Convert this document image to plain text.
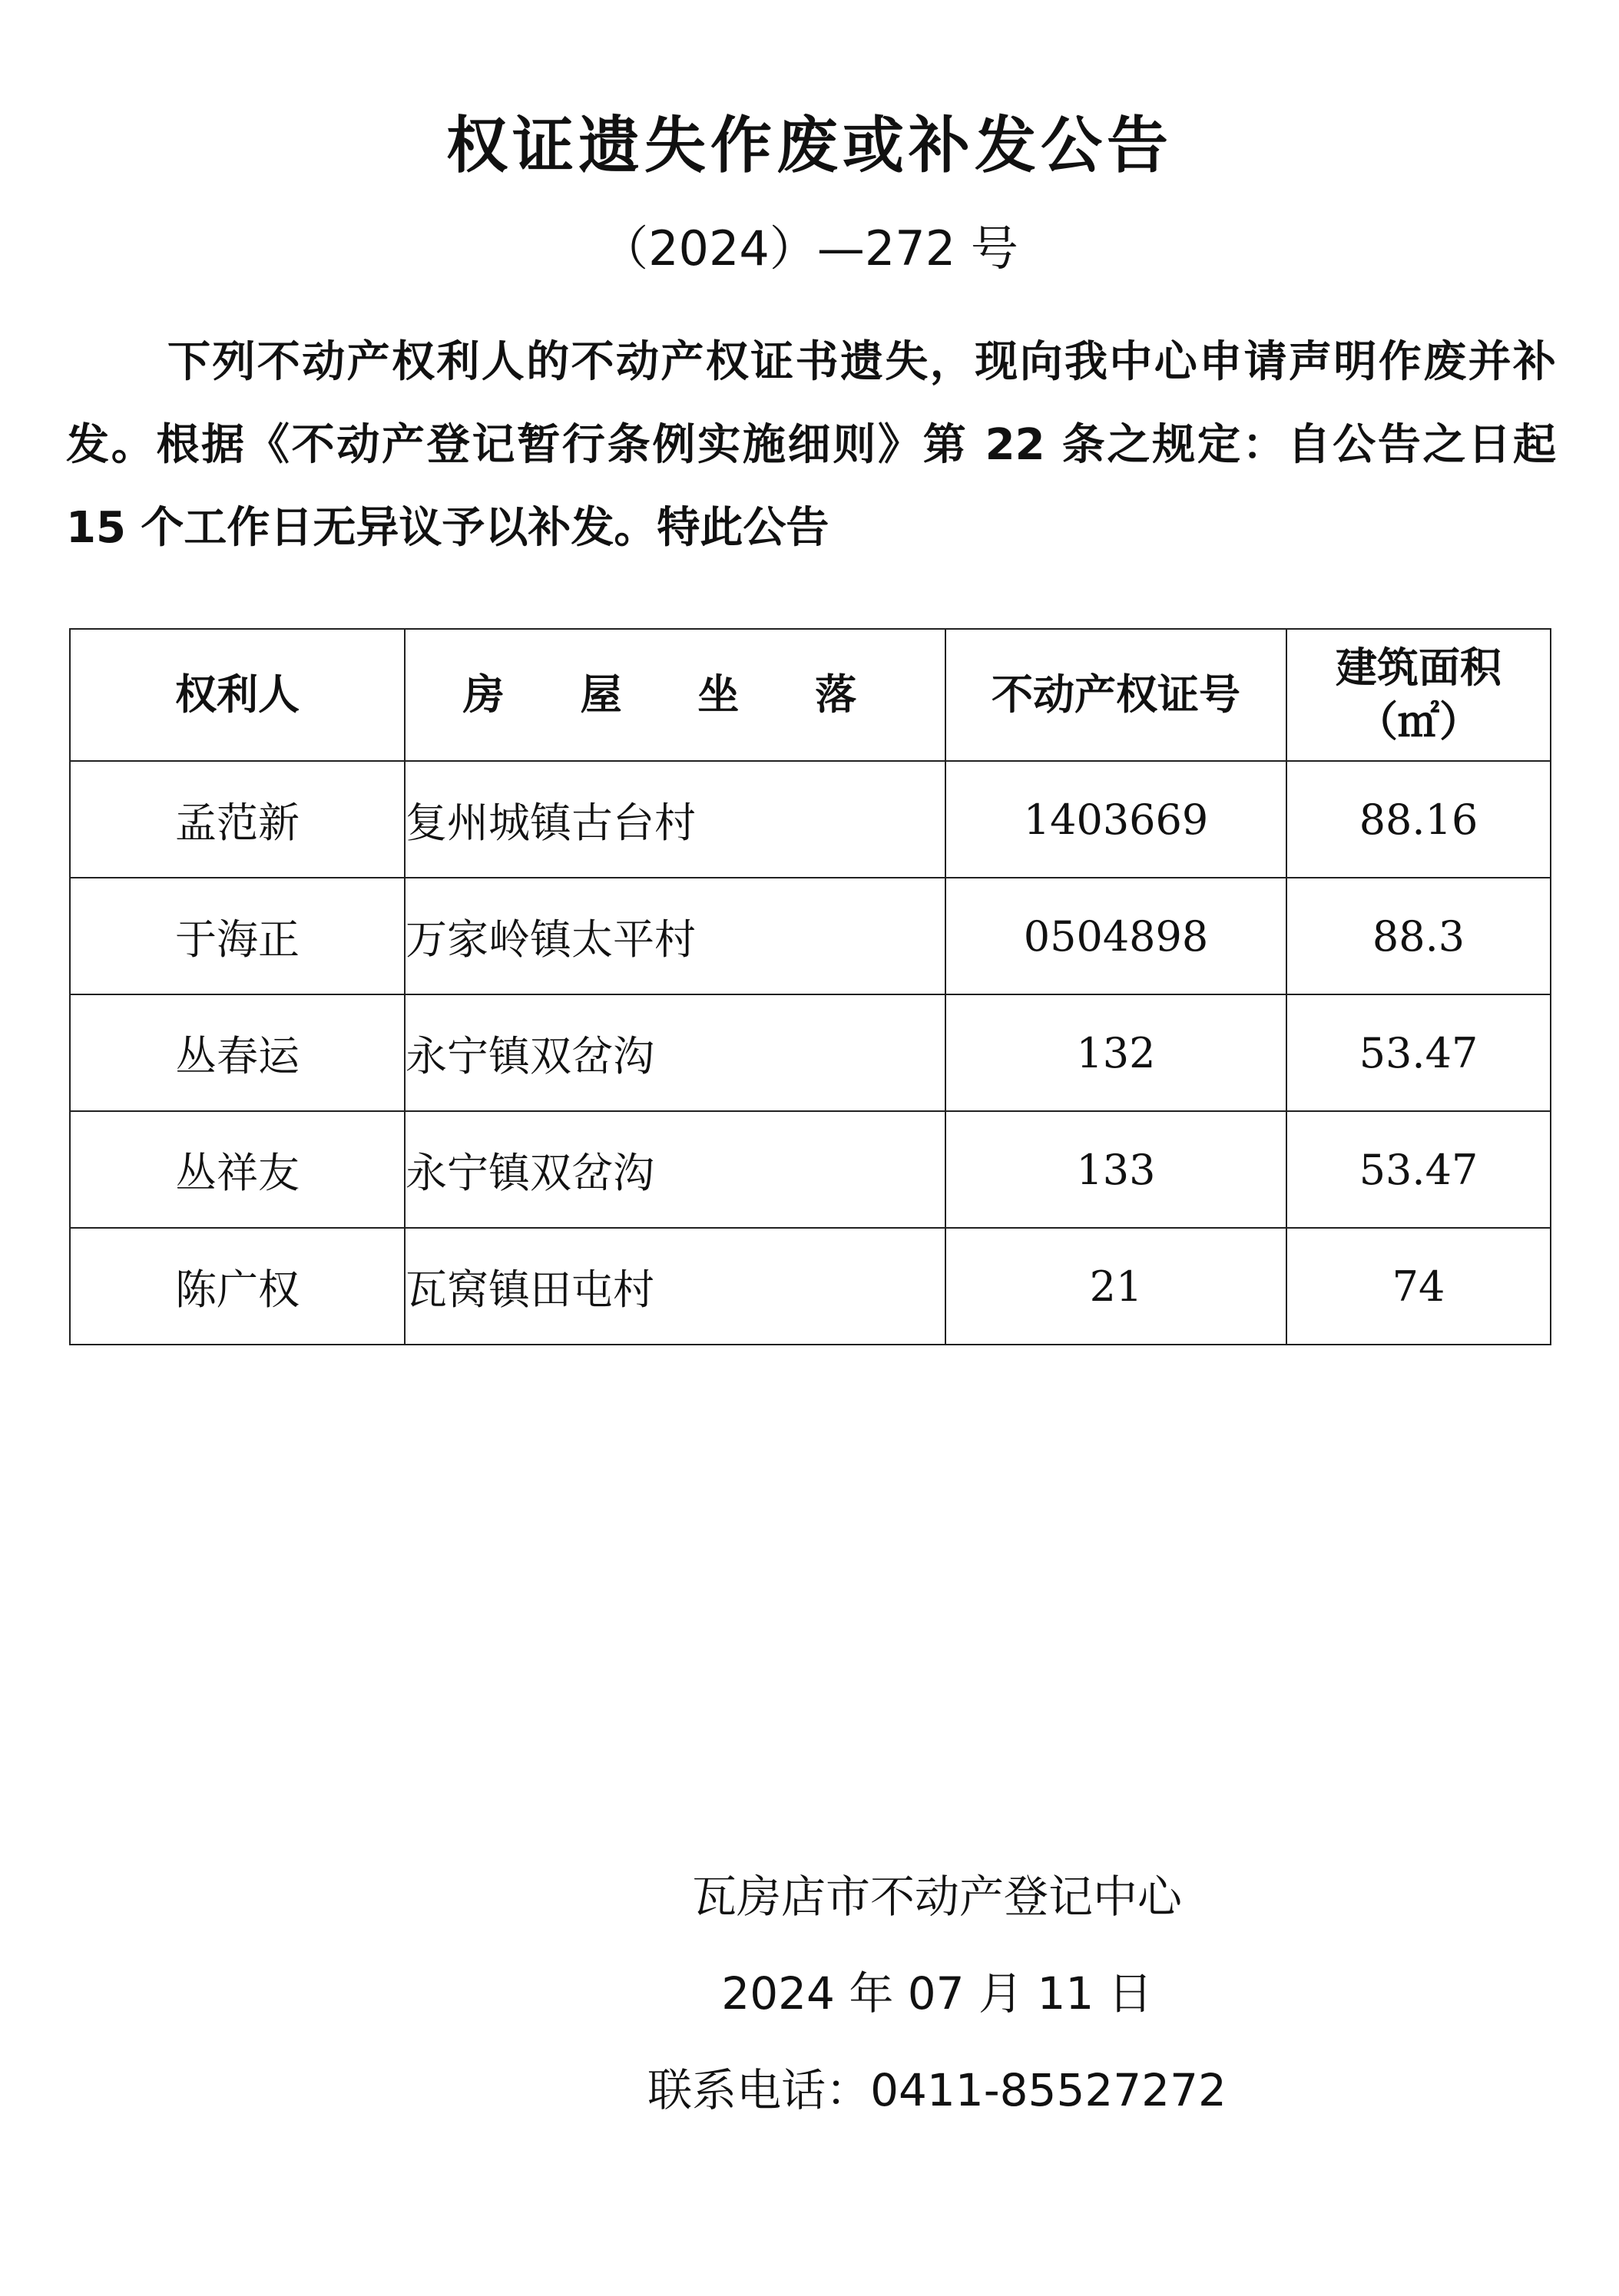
权证遗失作废或补发公告
（2024）—272 号
下列不动产权利人的不动产权证书遗失，现向我中心申请声明作废并补发。根据《不动产登记暂行条例实施细则》第 22 条之规定：自公告之日起 15 个工作日无异议予以补发。特此公告
权利人	房 屋 坐 落	不动产权证号	建筑面积
（㎡）

孟范新	复州城镇古台村	1403669	88.16
于海正	万家岭镇太平村	0504898	88.3
丛春运	永宁镇双岔沟	132	53.47
丛祥友	永宁镇双岔沟	133	53.47
陈广权	瓦窝镇田屯村	21	74
瓦房店市不动产登记中心
2024 年 07 月 11 日
联系电话：0411-85527272
